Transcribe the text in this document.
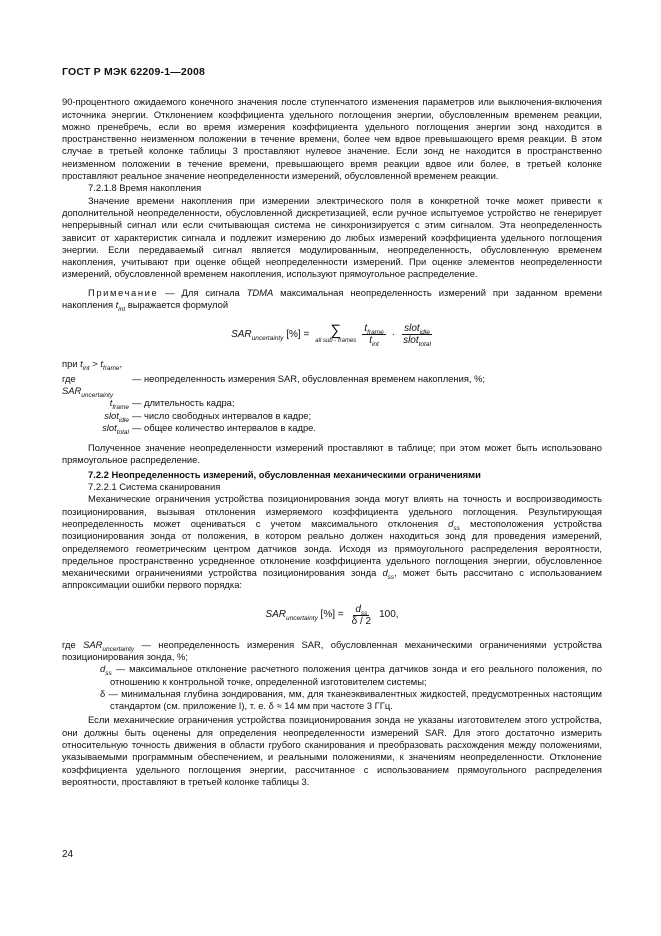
ГОСТ Р МЭК 62209-1—2008

90-процентного ожидаемого конечного значения после ступенчатого изменения параметров или выключения-включения источника энергии. Отклонением коэффициента удельного поглощения энергии, обусловленным временем реакции, можно пренебречь, если во время измерения коэффициента удельного поглощения энергии зонд находится в пространственно неизменном положении в течение времени, более чем вдвое превышающего время реакции. В этом случае в третьей колонке таблицы 3 проставляют нулевое значение. Если зонд не находится в пространственно неизменном положении в течение времени, превышающего время реакции вдвое или более, в третьей колонке проставляют реальное значение неопределенности измерений, обусловленной временем реакции.

7.2.1.8 Время накопления

Значение времени накопления при измерении электрического поля в конкретной точке может привести к дополнительной неопределенности, обусловленной дискретизацией, если ручное испытуемое устройство не генерирует непрерывный сигнал или если считывающая система не синхронизируется с этим сигналом. Эта неопределенность зависит от характеристик сигнала и подлежит измерению до любых измерений коэффициента удельного поглощения энергии. Если передаваемый сигнал является модулированным, неопределенность, обусловленную временем накопления, учитывают при оценке общей неопределенности измерений. При оценке элементов неопределенности измерений, обусловленной временем накопления, используют прямоугольное распределение.

Примечание — Для сигнала TDMA максимальная неопределенность измерений при заданном времени накопления $t_{int}$ выражается формулой

$SAR_{uncertainty}$ [%] = ∑
all sub - frames $\frac{t_{frame}}{t_{int}} \cdot \frac{slot_{idle}}{slot_{total}}$

при $t_{int} > t_{frame}$,

где $SAR_{uncertainty}$
— неопределенность измерения SAR, обусловленная временем накопления, %;
$t_{frame}$ — длительность кадра;
slot$_{idle}$ — число свободных интервалов в кадре;
slot$_{total}$ — общее количество интервалов в кадре.

Полученное значение неопределенности измерений проставляют в таблице; при этом может быть использовано прямоугольное распределение.

7.2.2 Неопределенность измерений, обусловленная механическими ограничениями

7.2.2.1 Система сканирования

Механические ограничения устройства позиционирования зонда могут влиять на точность и воспроизводимость позиционирования, вызывая отклонения измеряемого коэффициента удельного поглощения. Результирующая неопределенность может оцениваться с учетом максимального отклонения $d_{ss}$ местоположения устройства позиционирования зонда от положения, в котором реально должен находиться зонд для проведения измерений, определяемого геометрическим центром датчиков зонда. Исходя из прямоугольного распределения вероятности, предельное пространственно усредненное отклонение коэффициента удельного поглощения энергии, обусловленное механическими ограничениями устройства позиционирования зонда $d_{ss}$, может быть рассчитано с использованием аппроксимации ошибки первого порядка:

$SAR_{uncertainty}$ [%] = $\frac{d_{ss}}{\delta / 2} 100$,

где $SAR_{uncertainty}$ — неопределенность измерения SAR, обусловленная механическими ограничениями устройства позиционирования зонда, %;

$d_{ss}$ — максимальное отклонение расчетного положения центра датчиков зонда и его реального положения, по отношению к контрольной точке, определенной изготовителем системы;

δ — минимальная глубина зондирования, мм, для тканеэквивалентных жидкостей, предусмотренных настоящим стандартом (см. приложение I), т. е. δ ≈ 14 мм при частоте 3 ГГц.

Если механические ограничения устройства позиционирования зонда не указаны изготовителем этого устройства, они должны быть оценены для определения неопределенности измерений SAR. Для этого достаточно измерить относительную точность движения в области грубого сканирования и преобразовать расхождения между положениями, указываемыми программным обеспечением, и реальными положениями, к значениям неопределенности. Отклонение коэффициента удельного поглощения энергии, рассчитанное с использованием прямоугольного распределения вероятности, проставляют в третьей колонке таблицы 3.

24
